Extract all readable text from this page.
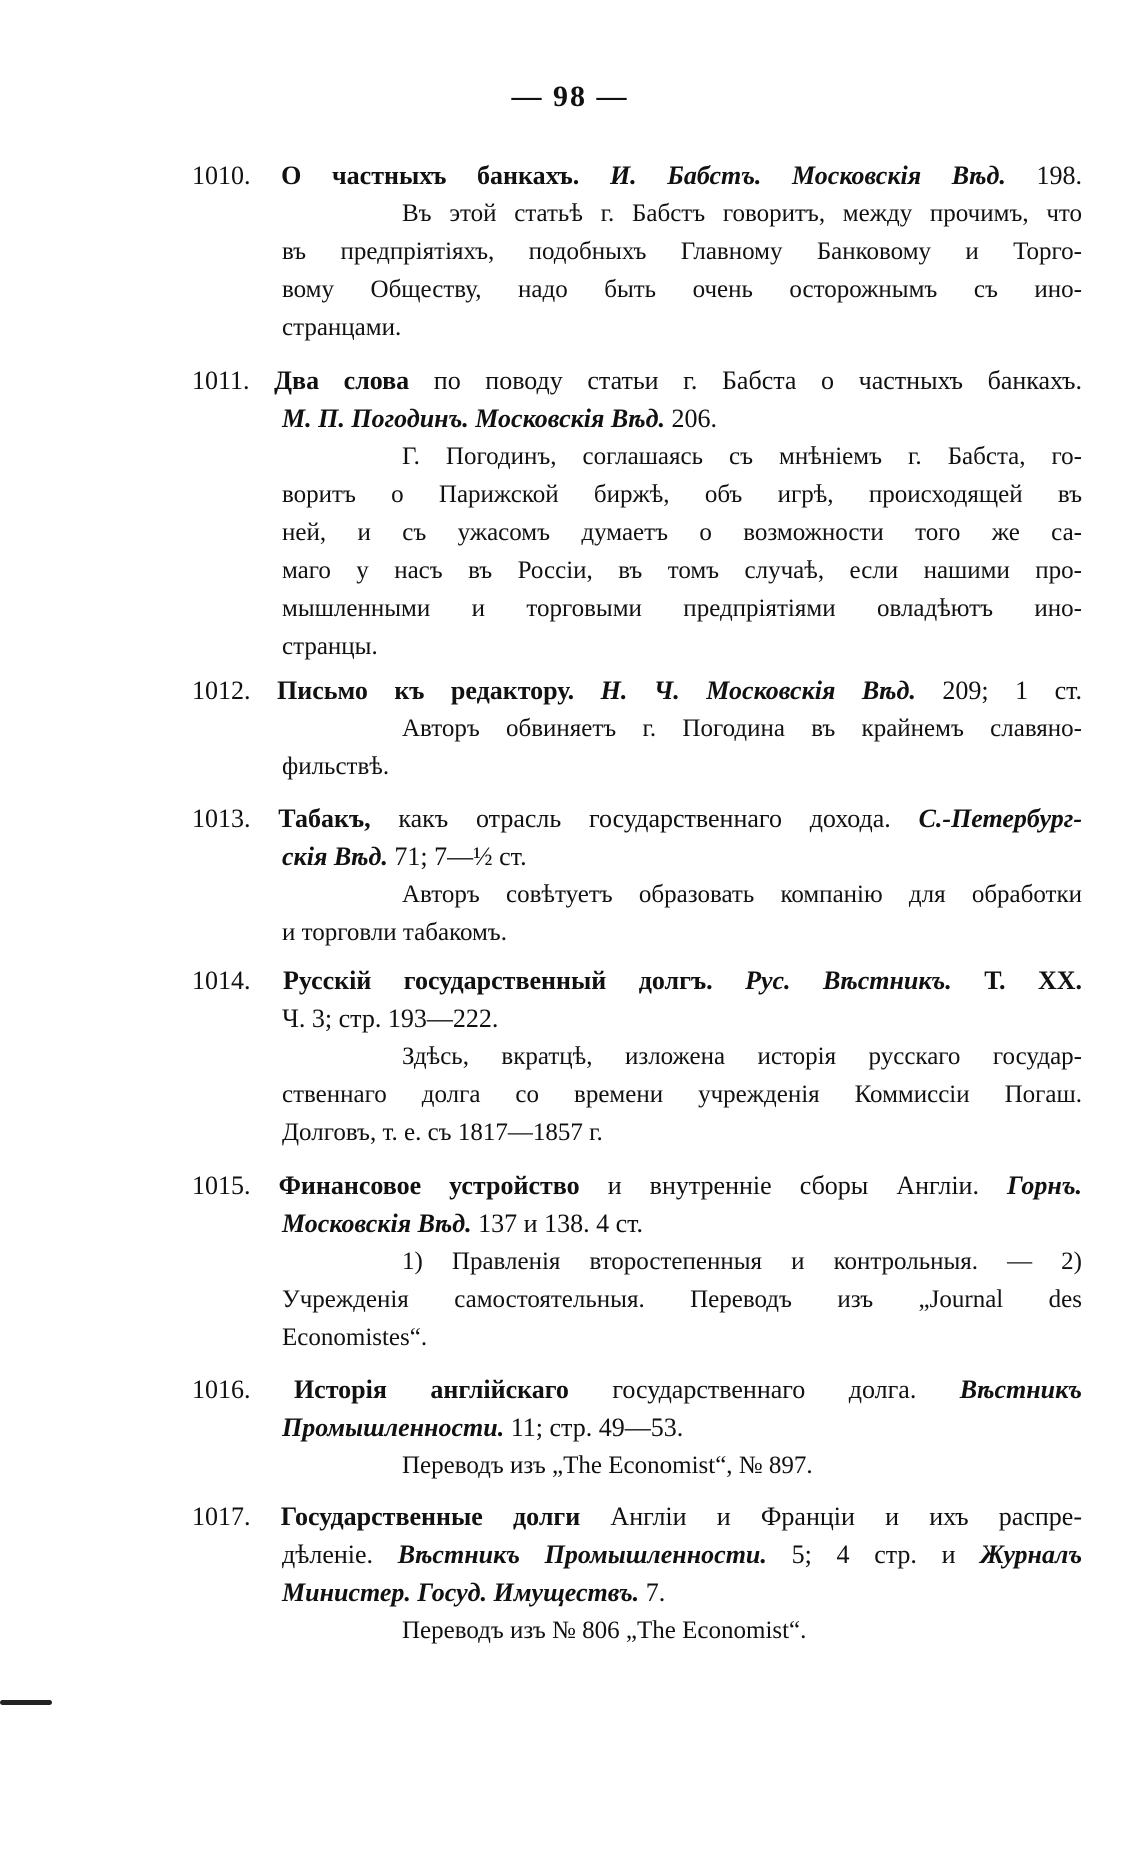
— 98 —
1010. О частныхъ банкахъ. И. Бабстъ. Московскія Вѣд. 198.
Въ этой статьѣ г. Бабстъ говоритъ, между прочимъ, что
въ предпріятіяхъ, подобныхъ Главному Банковому и Торго-
вому Обществу, надо быть очень осторожнымъ съ ино-
странцами.
1011. Два слова по поводу статьи г. Бабста о частныхъ банкахъ.
М. П. Погодинъ. Московскія Вѣд. 206.
Г. Погодинъ, соглашаясь съ мнѣніемъ г. Бабста, го-
воритъ о Парижской биржѣ, объ игрѣ, происходящей въ
ней, и съ ужасомъ думаетъ о возможности того же са-
маго у насъ въ Россіи, въ томъ случаѣ, если нашими про-
мышленными и торговыми предпріятіями овладѣютъ ино-
странцы.
1012. Письмо къ редактору. Н. Ч. Московскія Вѣд. 209; 1 ст.
Авторъ обвиняетъ г. Погодина въ крайнемъ славяно-
фильствѣ.
1013. Табакъ, какъ отрасль государственнаго дохода. С.-Петербург-
скія Вѣд. 71; 7—½ ст.
Авторъ совѣтуетъ образовать компанію для обработки
и торговли табакомъ.
1014. Русскій государственный долгъ. Рус. Вѣстникъ. Т. XX.
Ч. 3; стр. 193—222.
Здѣсь, вкратцѣ, изложена исторія русскаго государ-
ственнаго долга со времени учрежденія Коммиссіи Погаш.
Долговъ, т. е. съ 1817—1857 г.
1015. Финансовое устройство и внутренніе сборы Англіи. Горнъ.
Московскія Вѣд. 137 и 138. 4 ст.
1) Правленія второстепенныя и контрольныя. — 2)
Учрежденія самостоятельныя. Переводъ изъ „Journal des
Economistes“.
1016. Исторія англійскаго государственнаго долга. Вѣстникъ
Промышленности. 11; стр. 49—53.
Переводъ изъ „The Economist“, № 897.
1017. Государственные долги Англіи и Франціи и ихъ распре-
дѣленіе. Вѣстникъ Промышленности. 5; 4 стр. и Журналъ
Министер. Госуд. Имуществъ. 7.
Переводъ изъ № 806 „The Economist“.
